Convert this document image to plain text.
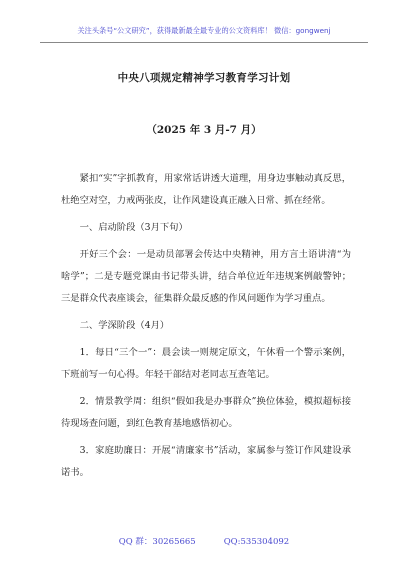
关注头条号“公文研究”，获得最新最全最专业的公文资料库！ 微信：gongwenj
中央八项规定精神学习教育学习计划
（2025 年 3 月-7 月）

紧扣“实”字抓教育，用家常话讲透大道理，用身边事触动真反思，杜绝空对空，力戒两张皮，让作风建设真正融入日常、抓在经常。

一、启动阶段（3月下旬）

开好三个会：一是动员部署会传达中央精神，用方言土语讲清“为啥学”；二是专题党课由书记带头讲，结合单位近年违规案例敲警钟；三是群众代表座谈会，征集群众最反感的作风问题作为学习重点。

二、学深阶段（4月）

1．每日“三个一”：晨会读一则规定原文，午休看一个警示案例，下班前写一句心得。年轻干部结对老同志互查笔记。

2．情景教学周：组织“假如我是办事群众”换位体验，模拟超标接待现场查问题，到红色教育基地感悟初心。

3．家庭助廉日：开展“清廉家书”活动，家属参与签订作风建设承诺书。

QQ 群：30265665	QQ:535304092
